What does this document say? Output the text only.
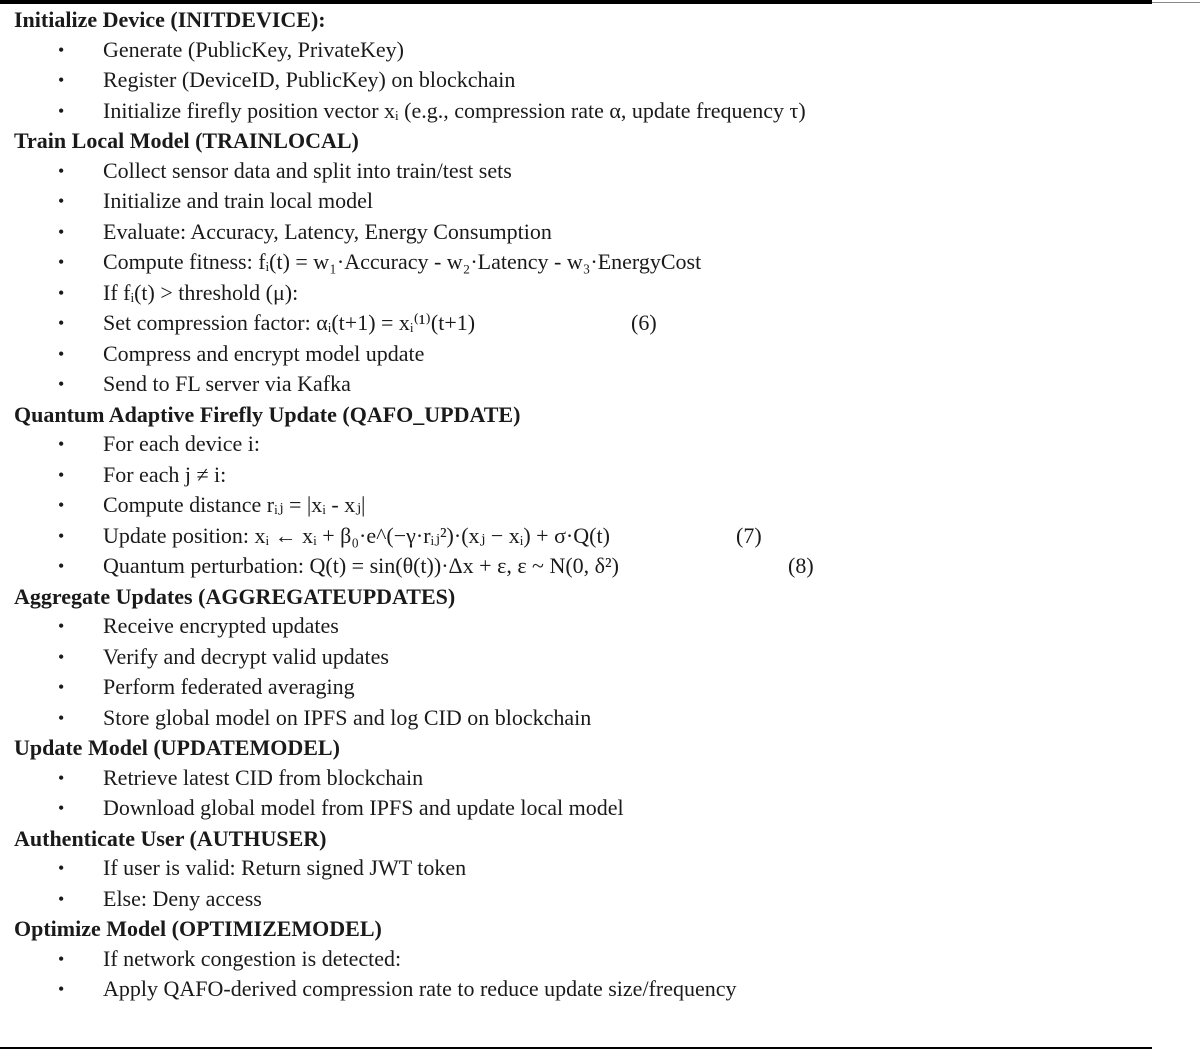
Initialize Device (INITDEVICE):
• Generate (PublicKey, PrivateKey)
• Register (DeviceID, PublicKey) on blockchain
• Initialize firefly position vector xᵢ (e.g., compression rate α, update frequency τ)
Train Local Model (TRAINLOCAL)
• Collect sensor data and split into train/test sets
• Initialize and train local model
• Evaluate: Accuracy, Latency, Energy Consumption
• Compute fitness: fᵢ(t) = w₁·Accuracy - w₂·Latency - w₃·EnergyCost
• If fᵢ(t) > threshold (μ):
• Set compression factor: αᵢ(t+1) = xᵢ⁽¹⁾(t+1)	(6)
• Compress and encrypt model update
• Send to FL server via Kafka
Quantum Adaptive Firefly Update (QAFO_UPDATE)
• For each device i:
• For each j ≠ i:
• Compute distance rᵢⱼ = |xᵢ - xⱼ|
• Update position: xᵢ ← xᵢ + β₀·e^(−γ·rᵢⱼ²)·(xⱼ − xᵢ) + σ·Q(t)	(7)
• Quantum perturbation: Q(t) = sin(θ(t))·Δx + ε, ε ~ N(0, δ²)	(8)
Aggregate Updates (AGGREGATEUPDATES)
• Receive encrypted updates
• Verify and decrypt valid updates
• Perform federated averaging
• Store global model on IPFS and log CID on blockchain
Update Model (UPDATEMODEL)
• Retrieve latest CID from blockchain
• Download global model from IPFS and update local model
Authenticate User (AUTHUSER)
• If user is valid: Return signed JWT token
• Else: Deny access
Optimize Model (OPTIMIZEMODEL)
• If network congestion is detected:
• Apply QAFO-derived compression rate to reduce update size/frequency
